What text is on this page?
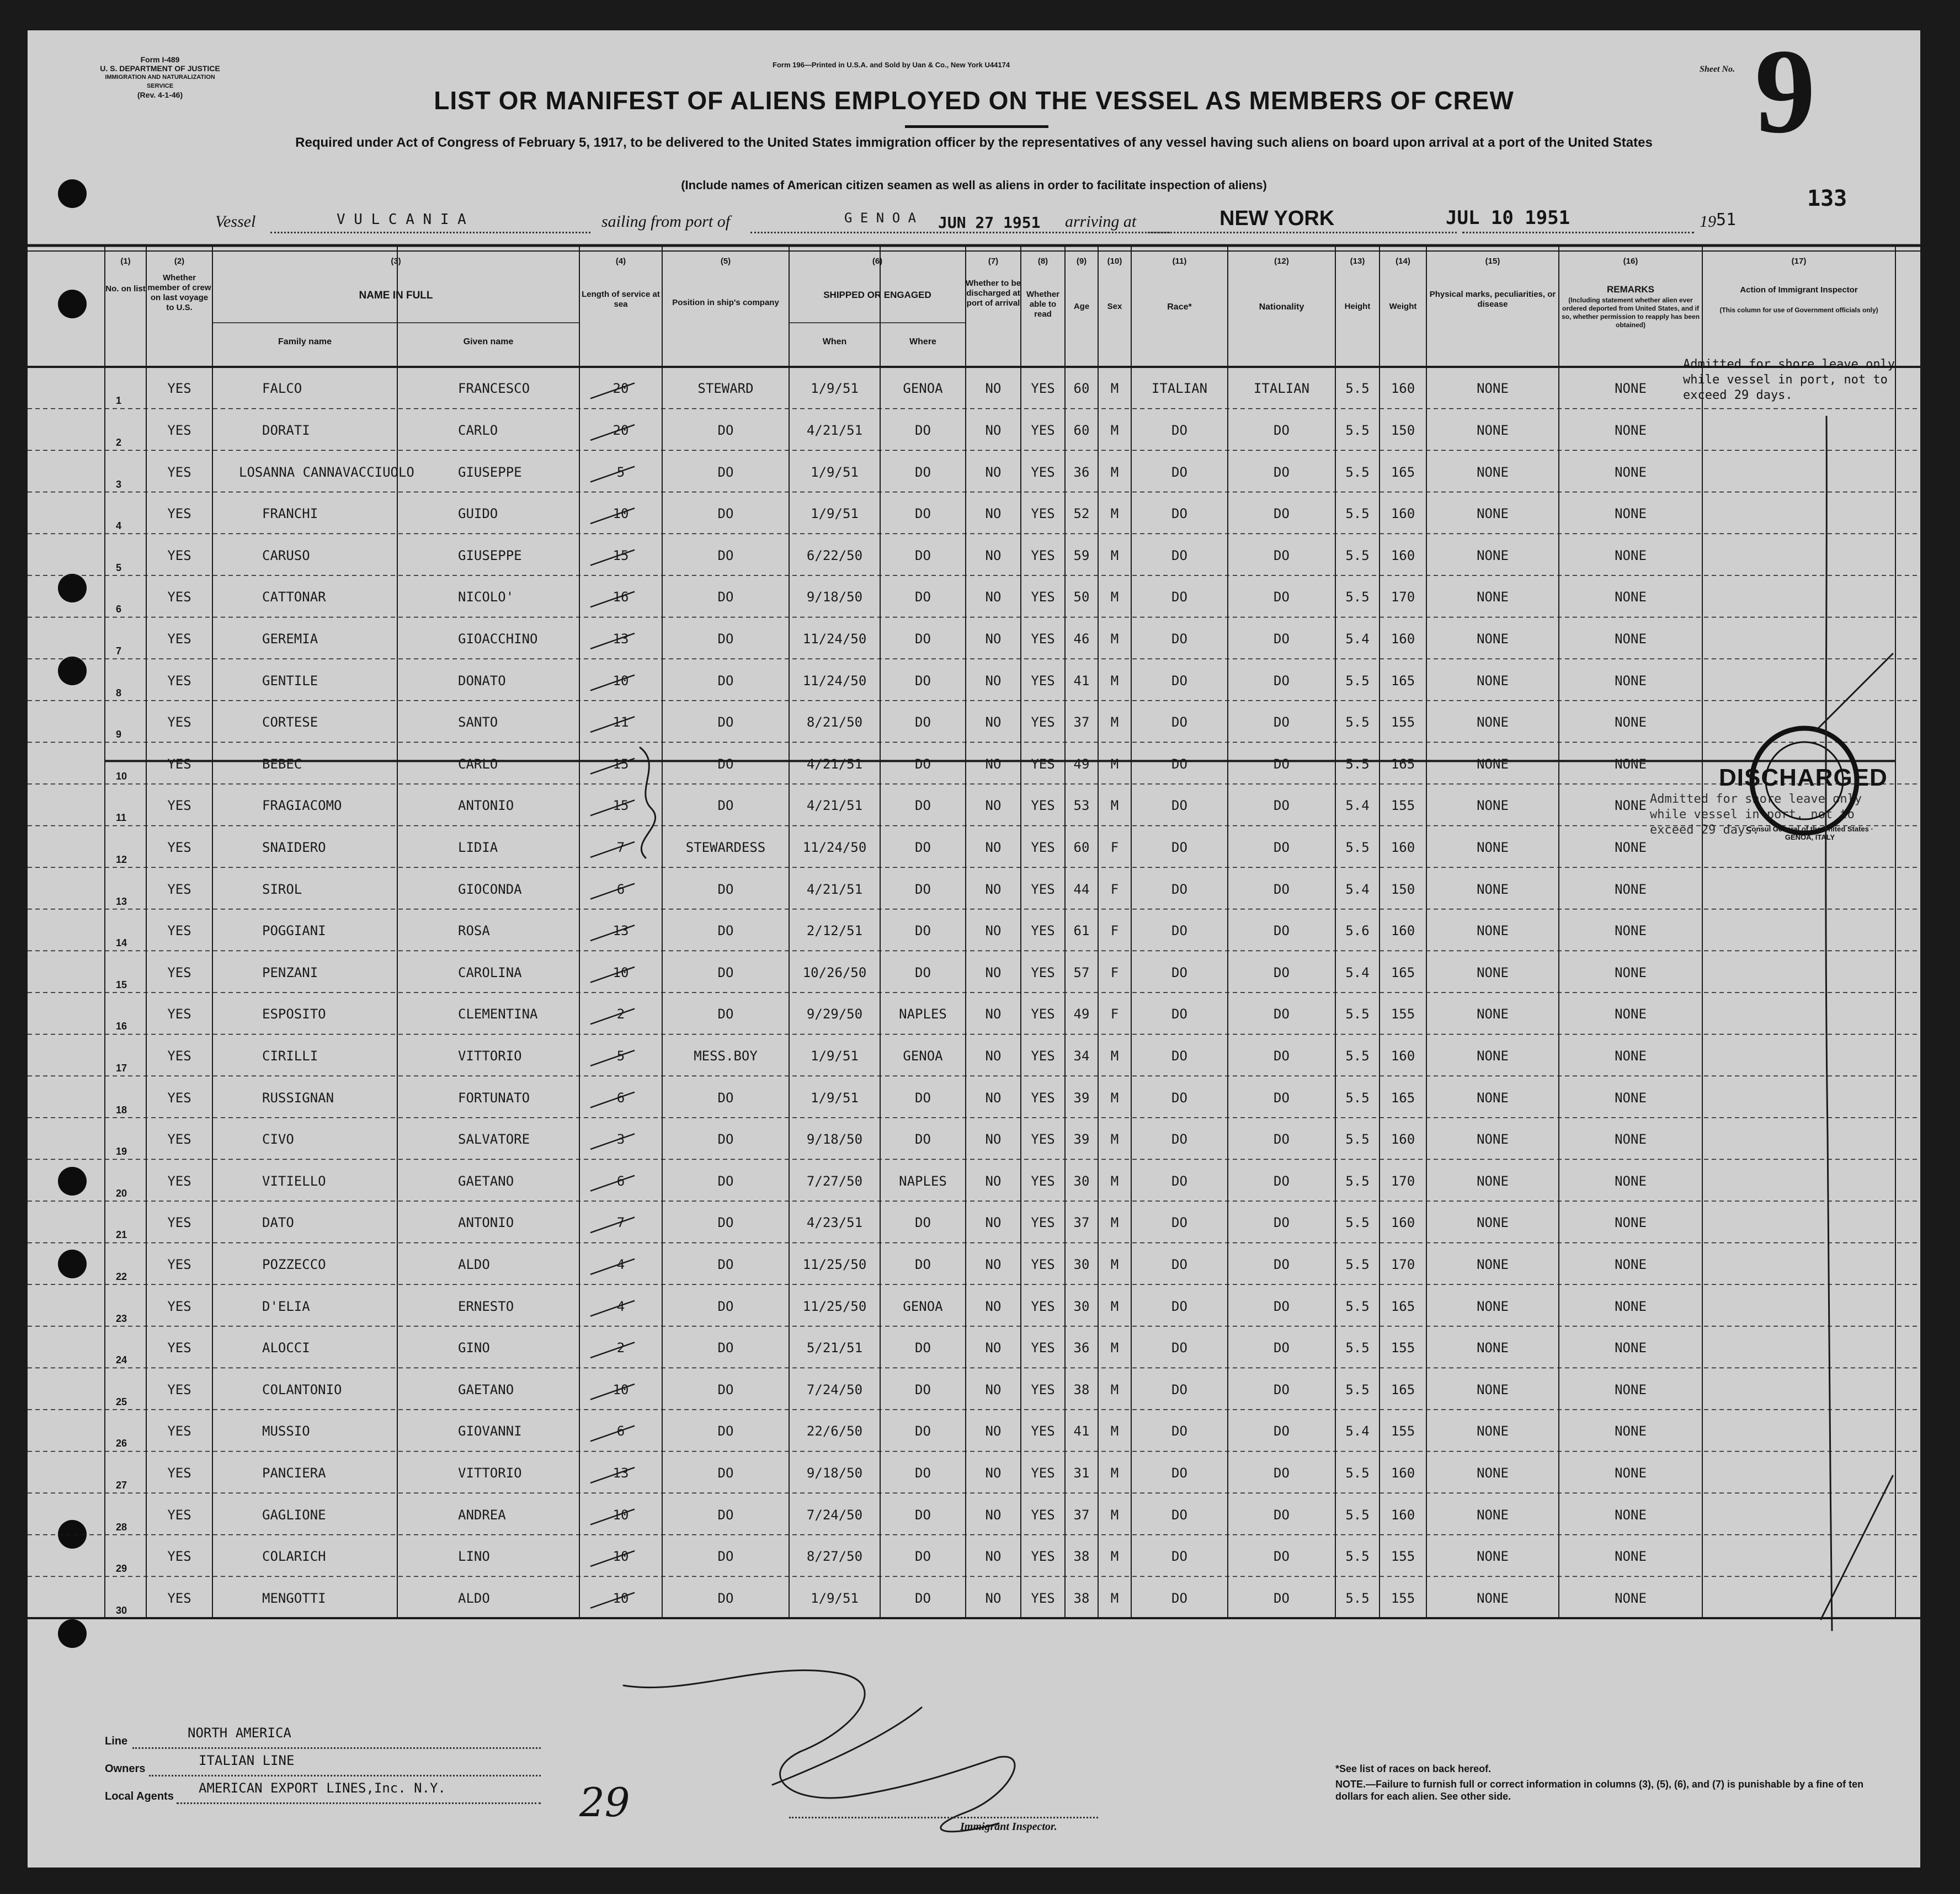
Form I-489
U. S. DEPARTMENT OF JUSTICE
IMMIGRATION AND NATURALIZATION SERVICE
(Rev. 4-1-46)
Form 196—Printed in U.S.A. and Sold by Uan & Co., New York U44174	Sheet No. 9
LIST OR MANIFEST OF ALIENS EMPLOYED ON THE VESSEL AS MEMBERS OF CREW
Required under Act of Congress of February 5, 1917, to be delivered to the United States immigration officer by the representatives of any vessel having such aliens on board upon arrival at a port of the United States
(Include names of American citizen seamen as well as aliens in order to facilitate inspection of aliens)
133
Vessel	V U L C A N I A	sailing from port of	G E N O A JUN 27 1951 arriving at	NEW YORK	JUL 10 1951	19 51
(1)	(2)	(3)	(4)	(5)	(6)	(7)	(8)	(9)	(10)	(11)	(12)	(13)	(14)	(15)	(16)	(17)
No. on list
Whether member of crew on last voyage to U.S.
NAME IN FULL
Family name	Given name
Length of service at sea	Position in ship's company
SHIPPED OR ENGAGED
When	Where
Whether to be discharged at port of arrival
Whether able to read
Age	Sex	Race*	Nationality	Height	Weight
Physical marks, peculiarities, or disease
REMARKS
(Including statement whether alien ever ordered deported from United States, and if so, whether permission to reapply has been obtained)
Action of Immigrant Inspector
(This column for use of Government officials only)
1
YES	FALCO	FRANCESCO	20	STEWARD	1/9/51	GENOA	NO	YES	60	M	ITALIAN	ITALIAN	5.5	160	NONE	NONE
2
YES	DORATI	CARLO	20	DO	4/21/51	DO	NO	YES	60	M	DO	DO	5.5	150	NONE	NONE
3
YES	LOSANNA CANNAVACCIUOLO	GIUSEPPE	5	DO	1/9/51	DO	NO	YES	36	M	DO	DO	5.5	165	NONE	NONE
4
YES	FRANCHI	GUIDO	10	DO	1/9/51	DO	NO	YES	52	M	DO	DO	5.5	160	NONE	NONE
5
YES	CARUSO	GIUSEPPE	15	DO	6/22/50	DO	NO	YES	59	M	DO	DO	5.5	160	NONE	NONE
6
YES	CATTONAR	NICOLO'	16	DO	9/18/50	DO	NO	YES	50	M	DO	DO	5.5	170	NONE	NONE
7
YES	GEREMIA	GIOACCHINO	13	DO	11/24/50	DO	NO	YES	46	M	DO	DO	5.4	160	NONE	NONE
8
YES	GENTILE	DONATO	10	DO	11/24/50	DO	NO	YES	41	M	DO	DO	5.5	165	NONE	NONE
9
YES	CORTESE	SANTO	11	DO	8/21/50	DO	NO	YES	37	M	DO	DO	5.5	155	NONE	NONE
10
YES	BEBEC	CARLO	15	DO	4/21/51	DO	NO	YES	49	M	DO	DO	5.5	165	NONE	NONE
11
YES	FRAGIACOMO	ANTONIO	15	DO	4/21/51	DO	NO	YES	53	M	DO	DO	5.4	155	NONE	NONE
12
YES	SNAIDERO	LIDIA	7	STEWARDESS	11/24/50	DO	NO	YES	60	F	DO	DO	5.5	160	NONE	NONE
13
YES	SIROL	GIOCONDA	6	DO	4/21/51	DO	NO	YES	44	F	DO	DO	5.4	150	NONE	NONE
14
YES	POGGIANI	ROSA	13	DO	2/12/51	DO	NO	YES	61	F	DO	DO	5.6	160	NONE	NONE
15
YES	PENZANI	CAROLINA	10	DO	10/26/50	DO	NO	YES	57	F	DO	DO	5.4	165	NONE	NONE
16
YES	ESPOSITO	CLEMENTINA	2	DO	9/29/50	NAPLES	NO	YES	49	F	DO	DO	5.5	155	NONE	NONE
17
YES	CIRILLI	VITTORIO	5	MESS.BOY	1/9/51	GENOA	NO	YES	34	M	DO	DO	5.5	160	NONE	NONE
18
YES	RUSSIGNAN	FORTUNATO	6	DO	1/9/51	DO	NO	YES	39	M	DO	DO	5.5	165	NONE	NONE
19
YES	CIVO	SALVATORE	3	DO	9/18/50	DO	NO	YES	39	M	DO	DO	5.5	160	NONE	NONE
20
YES	VITIELLO	GAETANO	6	DO	7/27/50	NAPLES	NO	YES	30	M	DO	DO	5.5	170	NONE	NONE
21
YES	DATO	ANTONIO	7	DO	4/23/51	DO	NO	YES	37	M	DO	DO	5.5	160	NONE	NONE
22
YES	POZZECCO	ALDO	4	DO	11/25/50	DO	NO	YES	30	M	DO	DO	5.5	170	NONE	NONE
23
YES	D'ELIA	ERNESTO	4	DO	11/25/50	GENOA	NO	YES	30	M	DO	DO	5.5	165	NONE	NONE
24
YES	ALOCCI	GINO	2	DO	5/21/51	DO	NO	YES	36	M	DO	DO	5.5	155	NONE	NONE
25
YES	COLANTONIO	GAETANO	10	DO	7/24/50	DO	NO	YES	38	M	DO	DO	5.5	165	NONE	NONE
26
YES	MUSSIO	GIOVANNI	6	DO	22/6/50	DO	NO	YES	41	M	DO	DO	5.4	155	NONE	NONE
27
YES	PANCIERA	VITTORIO	13	DO	9/18/50	DO	NO	YES	31	M	DO	DO	5.5	160	NONE	NONE
28
YES	GAGLIONE	ANDREA	10	DO	7/24/50	DO	NO	YES	37	M	DO	DO	5.5	160	NONE	NONE
29
YES	COLARICH	LINO	10	DO	8/27/50	DO	NO	YES	38	M	DO	DO	5.5	155	NONE	NONE
30
YES	MENGOTTI	ALDO	10	DO	1/9/51	DO	NO	YES	38	M	DO	DO	5.5	155	NONE	NONE
Admitted for shore leave only
while vessel in port, not to
exceed 29 days.
Admitted for shore leave only
while vessel in port, not to
exceed 29 days.
DISCHARGED
Consul General of the United States · GENOA, ITALY
Line
NORTH AMERICA
Owners
ITALIAN LINE
Local Agents
AMERICAN EXPORT LINES,Inc. N.Y.	29
Immigrant Inspector.
*See list of races on back hereof.
NOTE.—Failure to furnish full or correct information in columns (3), (5), (6), and (7) is punishable by a fine of ten dollars for each alien. See other side.
